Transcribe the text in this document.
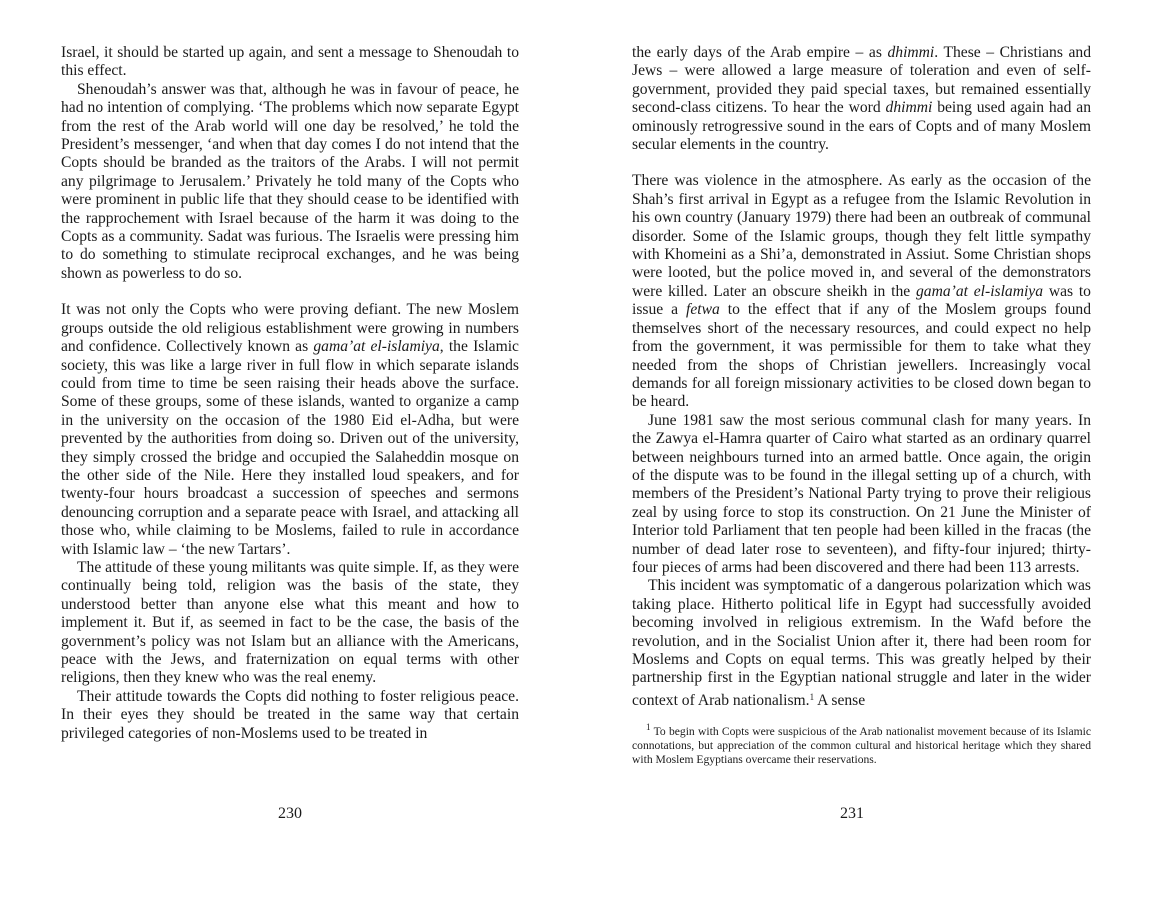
Israel, it should be started up again, and sent a message to Shenoudah to this effect.

Shenoudah’s answer was that, although he was in favour of peace, he had no intention of complying. ‘The problems which now separate Egypt from the rest of the Arab world will one day be resolved,’ he told the President’s messenger, ‘and when that day comes I do not intend that the Copts should be branded as the traitors of the Arabs. I will not permit any pilgrimage to Jerusalem.’ Privately he told many of the Copts who were prominent in public life that they should cease to be identified with the rapprochement with Israel because of the harm it was doing to the Copts as a community. Sadat was furious. The Israelis were pressing him to do something to stimulate reciprocal exchanges, and he was being shown as powerless to do so.

It was not only the Copts who were proving defiant. The new Moslem groups outside the old religious establishment were growing in numbers and confidence. Collectively known as gama’at el-islamiya, the Islamic society, this was like a large river in full flow in which separate islands could from time to time be seen raising their heads above the surface. Some of these groups, some of these islands, wanted to organize a camp in the university on the occasion of the 1980 Eid el-Adha, but were prevented by the authorities from doing so. Driven out of the university, they simply crossed the bridge and occupied the Salaheddin mosque on the other side of the Nile. Here they installed loud speakers, and for twenty-four hours broadcast a succession of speeches and sermons denouncing corruption and a separate peace with Israel, and attacking all those who, while claiming to be Moslems, failed to rule in accordance with Islamic law – ‘the new Tartars’.

The attitude of these young militants was quite simple. If, as they were continually being told, religion was the basis of the state, they understood better than anyone else what this meant and how to implement it. But if, as seemed in fact to be the case, the basis of the government’s policy was not Islam but an alliance with the Americans, peace with the Jews, and fraternization on equal terms with other religions, then they knew who was the real enemy.

Their attitude towards the Copts did nothing to foster religious peace. In their eyes they should be treated in the same way that certain privileged categories of non-Moslems used to be treated in

230

the early days of the Arab empire – as dhimmi. These – Christians and Jews – were allowed a large measure of toleration and even of self-government, provided they paid special taxes, but remained essentially second-class citizens. To hear the word dhimmi being used again had an ominously retrogressive sound in the ears of Copts and of many Moslem secular elements in the country.

There was violence in the atmosphere. As early as the occasion of the Shah’s first arrival in Egypt as a refugee from the Islamic Revolution in his own country (January 1979) there had been an outbreak of communal disorder. Some of the Islamic groups, though they felt little sympathy with Khomeini as a Shi’a, demonstrated in Assiut. Some Christian shops were looted, but the police moved in, and several of the demonstrators were killed. Later an obscure sheikh in the gama’at el-islamiya was to issue a fetwa to the effect that if any of the Moslem groups found themselves short of the necessary resources, and could expect no help from the government, it was permissible for them to take what they needed from the shops of Christian jewellers. Increasingly vocal demands for all foreign missionary activities to be closed down began to be heard.

June 1981 saw the most serious communal clash for many years. In the Zawya el-Hamra quarter of Cairo what started as an ordinary quarrel between neighbours turned into an armed battle. Once again, the origin of the dispute was to be found in the illegal setting up of a church, with members of the President’s National Party trying to prove their religious zeal by using force to stop its construction. On 21 June the Minister of Interior told Parliament that ten people had been killed in the fracas (the number of dead later rose to seventeen), and fifty-four injured; thirty-four pieces of arms had been discovered and there had been 113 arrests.

This incident was symptomatic of a dangerous polarization which was taking place. Hitherto political life in Egypt had successfully avoided becoming involved in religious extremism. In the Wafd before the revolution, and in the Socialist Union after it, there had been room for Moslems and Copts on equal terms. This was greatly helped by their partnership first in the Egyptian national struggle and later in the wider context of Arab nationalism.$^1$ A sense

$^1$ To begin with Copts were suspicious of the Arab nationalist movement because of its Islamic connotations, but appreciation of the common cultural and historical heritage which they shared with Moslem Egyptians overcame their reservations.

231
